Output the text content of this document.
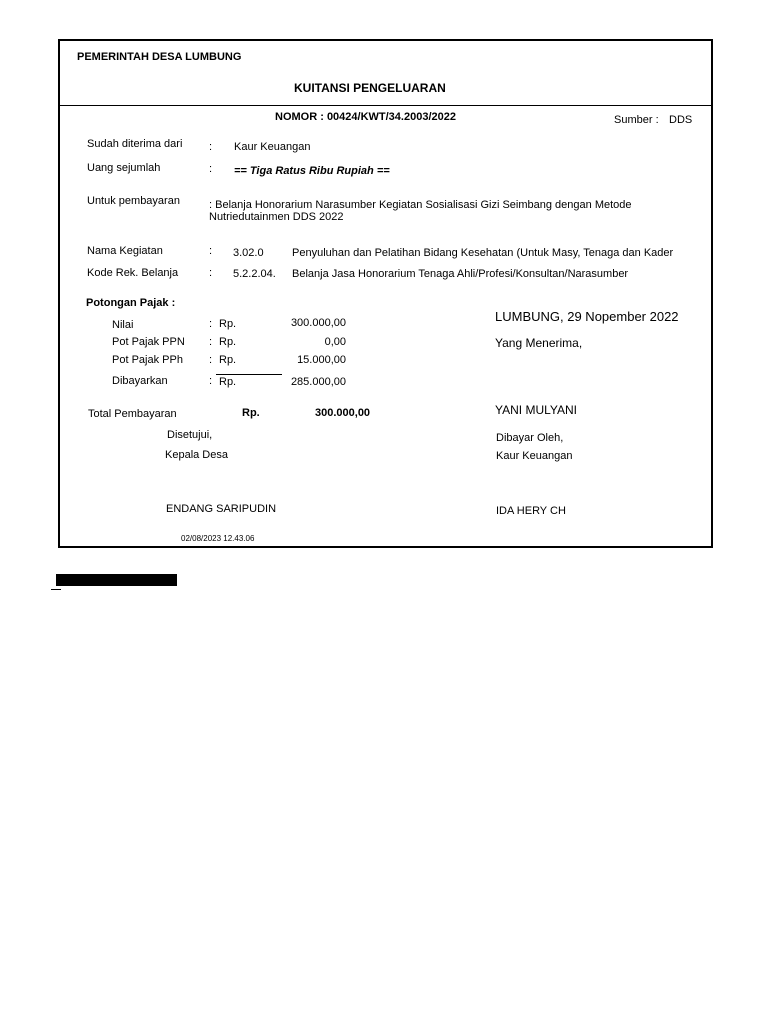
PEMERINTAH DESA LUMBUNG
KUITANSI PENGELUARAN
NOMOR : 00424/KWT/34.2003/2022	Sumber : DDS
Sudah diterima dari : Kaur Keuangan
Uang sejumlah	: == Tiga Ratus Ribu Rupiah ==
Untuk pembayaran	: Belanja Honorarium Narasumber Kegiatan Sosialisasi Gizi Seimbang dengan Metode Nutriedutainmen DDS 2022
Nama Kegiatan	: 3.02.0	Penyuluhan dan Pelatihan Bidang Kesehatan (Untuk Masy, Tenaga dan Kader
Kode Rek. Belanja	: 5.2.2.04. Belanja Jasa Honorarium Tenaga Ahli/Profesi/Konsultan/Narasumber
Potongan Pajak :
Nilai	: Rp.	300.000,00
Pot Pajak PPN : Rp.	0,00
Pot Pajak PPh : Rp.	15.000,00
Dibayarkan	: Rp.	285.000,00
Total Pembayaran	Rp.	300.000,00
Disetujui,
Kepala Desa
ENDANG SARIPUDIN
LUMBUNG, 29 Nopember 2022
Yang Menerima,
YANI MULYANI
Dibayar Oleh,
Kaur Keuangan
IDA HERY CH
02/08/2023 12.43.06
